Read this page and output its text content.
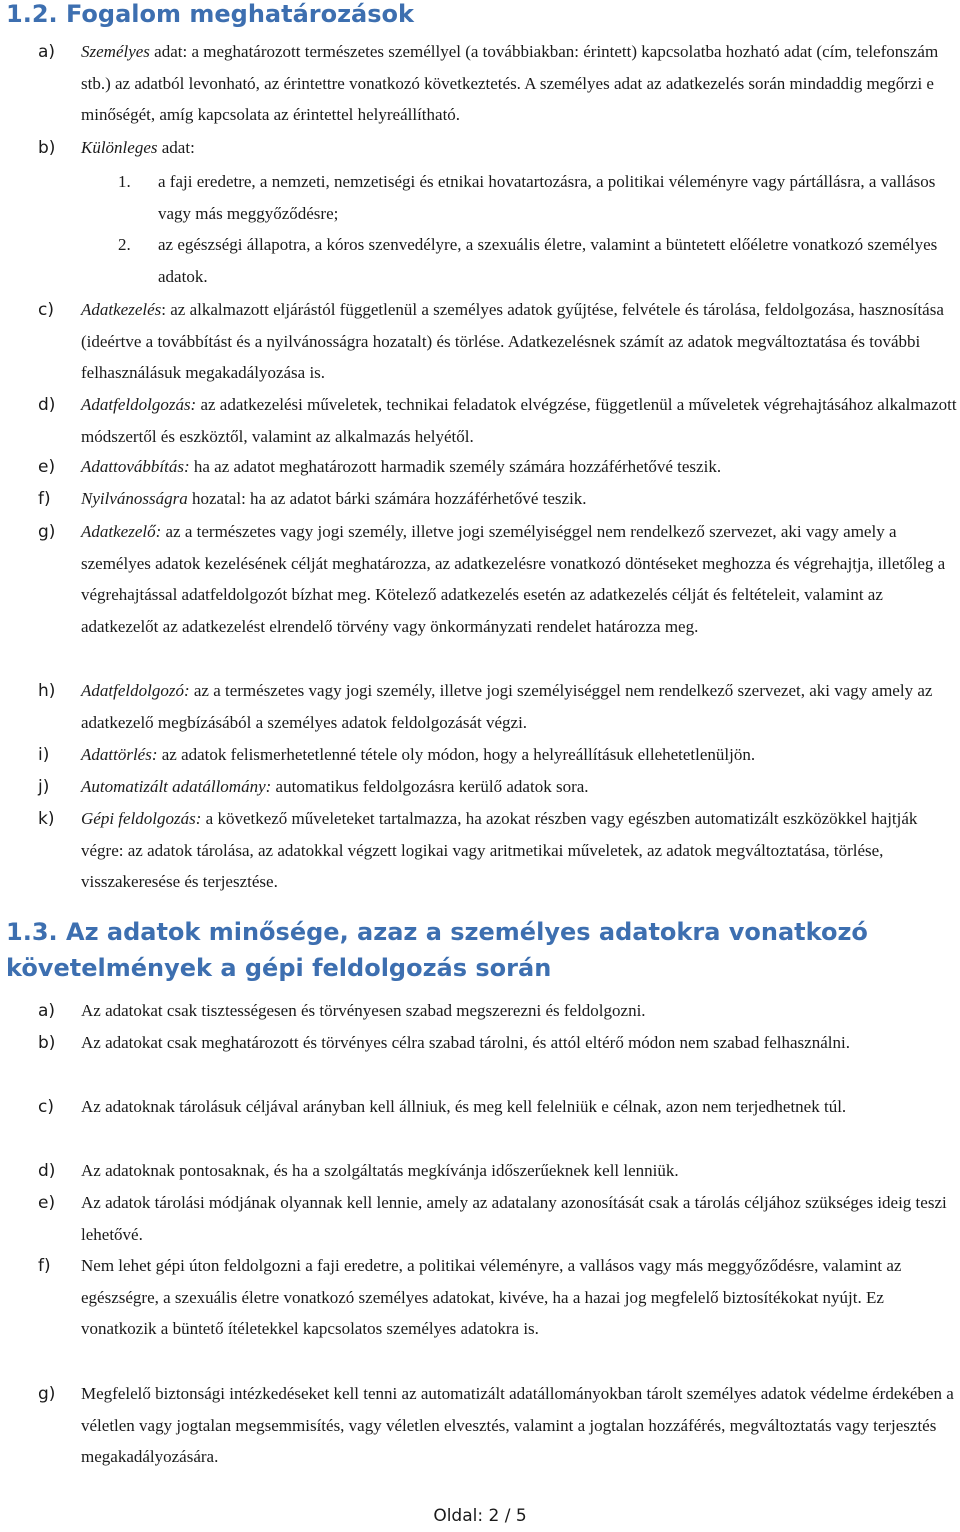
1.2. Fogalom meghatározások
a) Személyes adat: a meghatározott természetes személlyel (a továbbiakban: érintett) kapcsolatba hozható adat (cím, telefonszám stb.) az adatból levonható, az érintettre vonatkozó következtetés. A személyes adat az adatkezelés során mindaddig megőrzi e minőségét, amíg kapcsolata az érintettel helyreállítható.
b) Különleges adat:
1. a faji eredetre, a nemzeti, nemzetiségi és etnikai hovatartozásra, a politikai véleményre vagy pártállásra, a vallásos vagy más meggyőződésre;
2. az egészségi állapotra, a kóros szenvedélyre, a szexuális életre, valamint a büntetett előéletre vonatkozó személyes adatok.
c) Adatkezelés: az alkalmazott eljárástól függetlenül a személyes adatok gyűjtése, felvétele és tárolása, feldolgozása, hasznosítása (ideértve a továbbítást és a nyilvánosságra hozatalt) és törlése. Adatkezelésnek számít az adatok megváltoztatása és további felhasználásuk megakadályozása is.
d) Adatfeldolgozás: az adatkezelési műveletek, technikai feladatok elvégzése, függetlenül a műveletek végrehajtásához alkalmazott módszertől és eszköztől, valamint az alkalmazás helyétől.
e) Adattovábbítás: ha az adatot meghatározott harmadik személy számára hozzáférhetővé teszik.
f) Nyilvánosságra hozatal: ha az adatot bárki számára hozzáférhetővé teszik.
g) Adatkezelő: az a természetes vagy jogi személy, illetve jogi személyiséggel nem rendelkező szervezet, aki vagy amely a személyes adatok kezelésének célját meghatározza, az adatkezelésre vonatkozó döntéseket meghozza és végrehajtja, illetőleg a végrehajtással adatfeldolgozót bízhat meg. Kötelező adatkezelés esetén az adatkezelés célját és feltételeit, valamint az adatkezelőt az adatkezelést elrendelő törvény vagy önkormányzati rendelet határozza meg.
h) Adatfeldolgozó: az a természetes vagy jogi személy, illetve jogi személyiséggel nem rendelkező szervezet, aki vagy amely az adatkezelő megbízásából a személyes adatok feldolgozását végzi.
i) Adattörlés: az adatok felismerhetetlenné tétele oly módon, hogy a helyreállításuk ellehetetlenüljön.
j) Automatizált adatállomány: automatikus feldolgozásra kerülő adatok sora.
k) Gépi feldolgozás: a következő műveleteket tartalmazza, ha azokat részben vagy egészben automatizált eszközökkel hajtják végre: az adatok tárolása, az adatokkal végzett logikai vagy aritmetikai műveletek, az adatok megváltoztatása, törlése, visszakeresése és terjesztése.
1.3. Az adatok minősége, azaz a személyes adatokra vonatkozó követelmények a gépi feldolgozás során
a) Az adatokat csak tisztességesen és törvényesen szabad megszerezni és feldolgozni.
b) Az adatokat csak meghatározott és törvényes célra szabad tárolni, és attól eltérő módon nem szabad felhasználni.
c) Az adatoknak tárolásuk céljával arányban kell állniuk, és meg kell felelniük e célnak, azon nem terjedhetnek túl.
d) Az adatoknak pontosaknak, és ha a szolgáltatás megkívánja időszerűeknek kell lenniük.
e) Az adatok tárolási módjának olyannak kell lennie, amely az adatalany azonosítását csak a tárolás céljához szükséges ideig teszi lehetővé.
f) Nem lehet gépi úton feldolgozni a faji eredetre, a politikai véleményre, a vallásos vagy más meggyőződésre, valamint az egészségre, a szexuális életre vonatkozó személyes adatokat, kivéve, ha a hazai jog megfelelő biztosítékokat nyújt. Ez vonatkozik a büntető ítéletekkel kapcsolatos személyes adatokra is.
g) Megfelelő biztonsági intézkedéseket kell tenni az automatizált adatállományokban tárolt személyes adatok védelme érdekében a véletlen vagy jogtalan megsemmisítés, vagy véletlen elvesztés, valamint a jogtalan hozzáférés, megváltoztatás vagy terjesztés megakadályozására.
Oldal: 2 / 5
